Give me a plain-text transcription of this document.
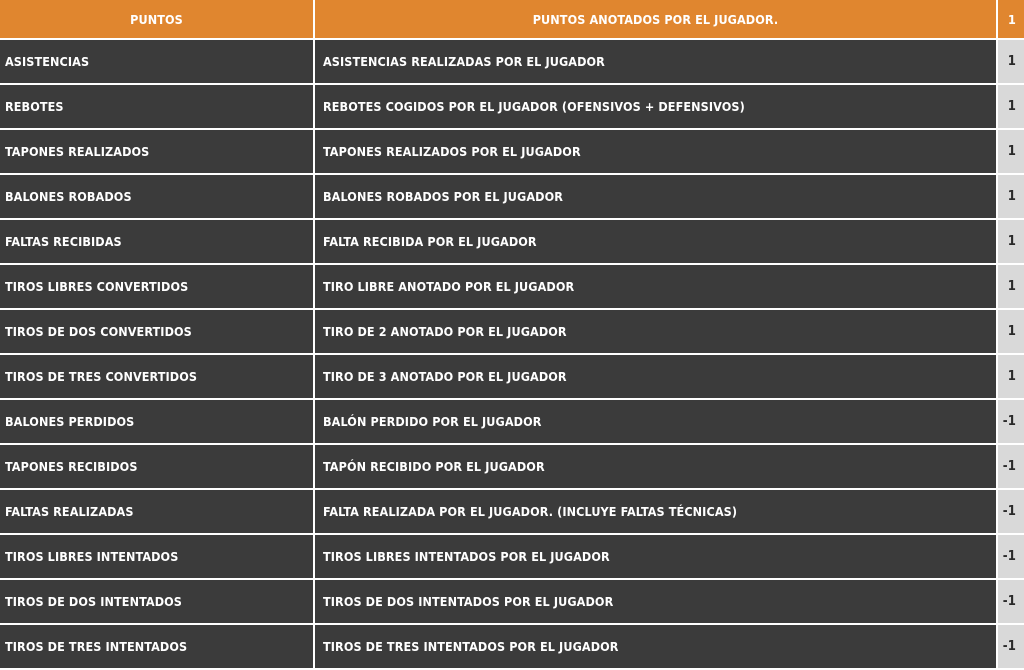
PUNTOS	PUNTOS ANOTADOS POR EL JUGADOR.	1
ASISTENCIAS	ASISTENCIAS REALIZADAS POR EL JUGADOR	1
REBOTES	REBOTES COGIDOS POR EL JUGADOR (OFENSIVOS + DEFENSIVOS)	1
TAPONES REALIZADOS	TAPONES REALIZADOS POR EL JUGADOR	1
BALONES ROBADOS	BALONES ROBADOS POR EL JUGADOR	1
FALTAS RECIBIDAS	FALTA RECIBIDA POR EL JUGADOR	1
TIROS LIBRES CONVERTIDOS	TIRO LIBRE ANOTADO POR EL JUGADOR	1
TIROS DE DOS CONVERTIDOS	TIRO DE 2 ANOTADO POR EL JUGADOR	1
TIROS DE TRES CONVERTIDOS	TIRO DE 3 ANOTADO POR EL JUGADOR	1
BALONES PERDIDOS	BALÓN PERDIDO POR EL JUGADOR	-1
TAPONES RECIBIDOS	TAPÓN RECIBIDO POR EL JUGADOR	-1
FALTAS REALIZADAS	FALTA REALIZADA POR EL JUGADOR. (INCLUYE FALTAS TÉCNICAS)	-1
TIROS LIBRES INTENTADOS	TIROS LIBRES INTENTADOS POR EL JUGADOR	-1
TIROS DE DOS INTENTADOS	TIROS DE DOS INTENTADOS POR EL JUGADOR	-1
TIROS DE TRES INTENTADOS	TIROS DE TRES INTENTADOS POR EL JUGADOR	-1
